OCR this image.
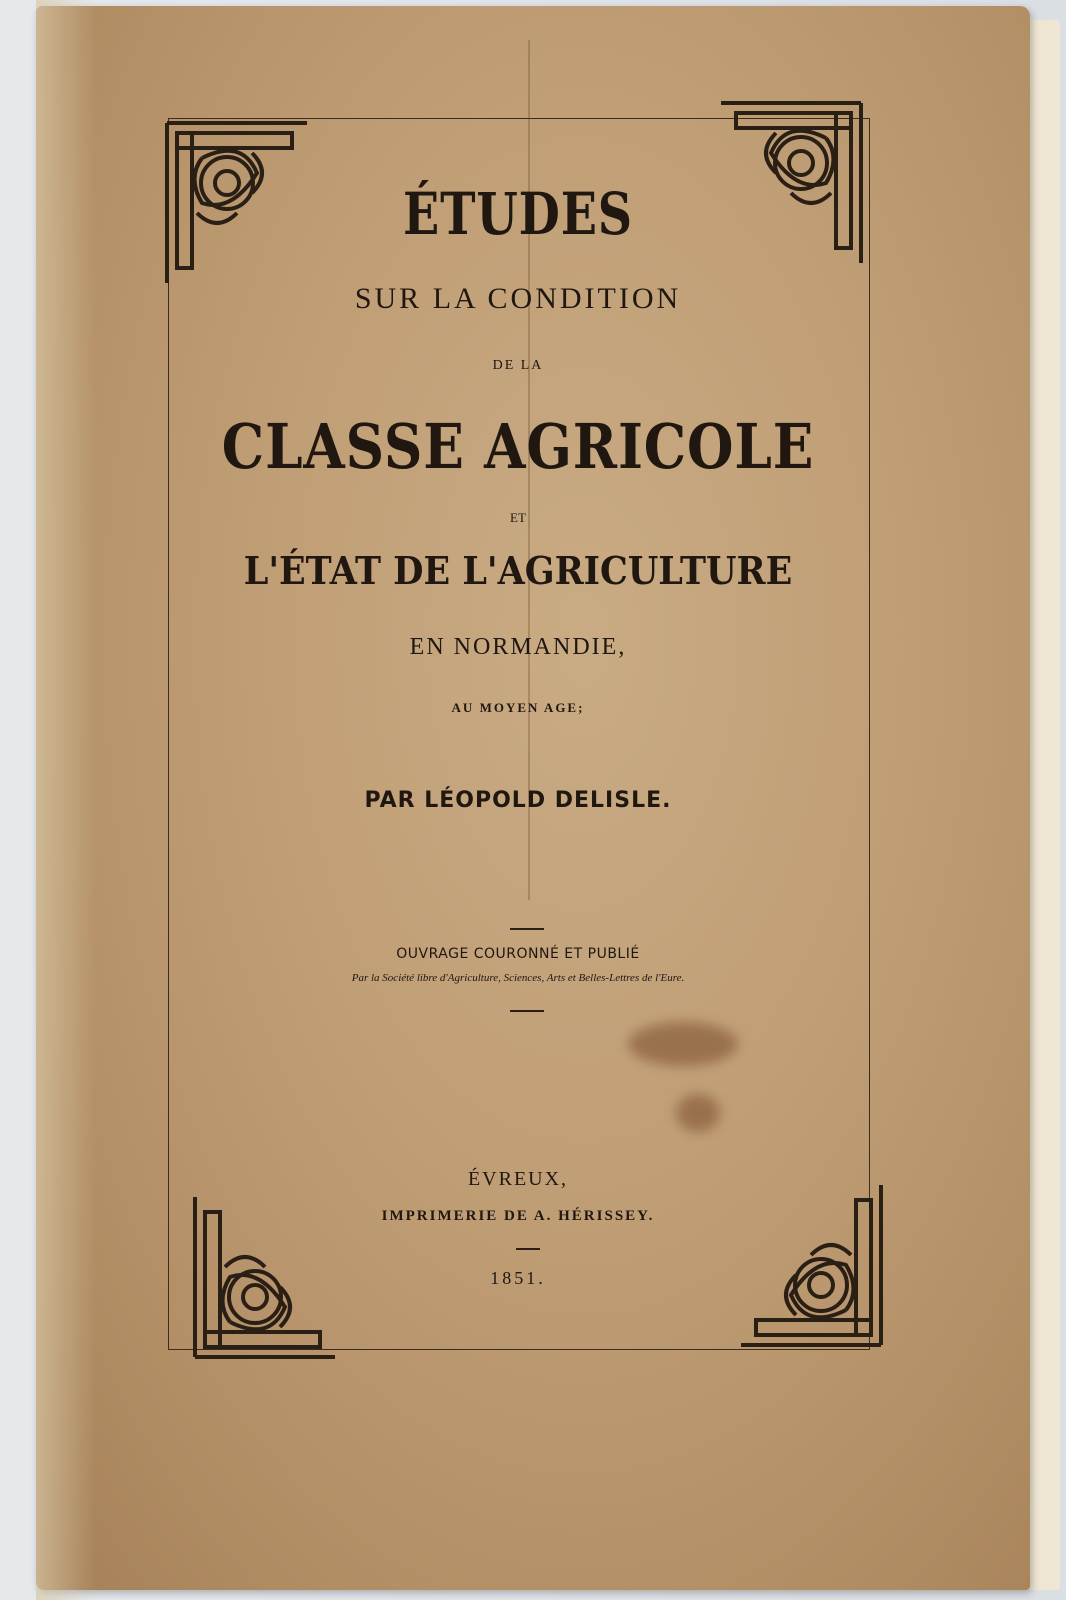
ÉTUDES
SUR LA CONDITION
DE LA
CLASSE AGRICOLE
ET
L'ÉTAT DE L'AGRICULTURE
EN NORMANDIE,
AU MOYEN AGE;
PAR LÉOPOLD DELISLE.
OUVRAGE COURONNÉ ET PUBLIÉ
Par la Société libre d'Agriculture, Sciences, Arts et Belles-Lettres de l'Eure.
ÉVREUX,
IMPRIMERIE DE A. HÉRISSEY.
1851.
